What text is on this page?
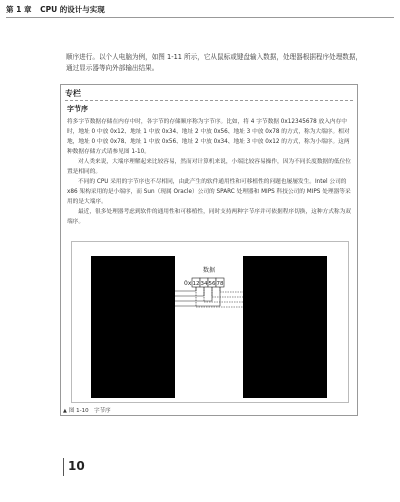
第 1 章 CPU 的设计与实现

顺序进行。以个人电脑为例，如图 1-11 所示，它从鼠标或键盘输入数据，处理器根据程序处理数据，通过显示器等向外部输出结果。

专栏
字节序

将多字节数据存储在内存中时，各字节的存储顺序称为字节序。比如，将 4 字节数据 0x12345678 放入内存中时，地址 0 中放 0x12、地址 1 中放 0x34、地址 2 中放 0x56、地址 3 中放 0x78 的方式，称为大端序。相对地，地址 0 中放 0x78、地址 1 中放 0x56、地址 2 中放 0x34、地址 3 中放 0x12 的方式，称为小端序。这两种数据存储方式请参见图 1-10。

对人类来说，大端序理解起来比较容易，然而对计算机来说，小端比较容易操作，因为不同长度数据的低位位置是相同的。

不同的 CPU 采用的字节序也不尽相同，由此产生的软件通用性和可移植性的问题也屡屡发生。Intel 公司的 x86 架构采用的是小端序，而 Sun（现属 Oracle）公司的 SPARC 处理器和 MIPS 科技公司的 MIPS 处理器等采用的是大端序。

最近，很多处理器考虑到软件的通用性和可移植性，同时支持两种字节序并可依据程序切换，这种方式称为双端序。

数据
0x 12 34 56 78
▲ 图 1-10　字节序
10
